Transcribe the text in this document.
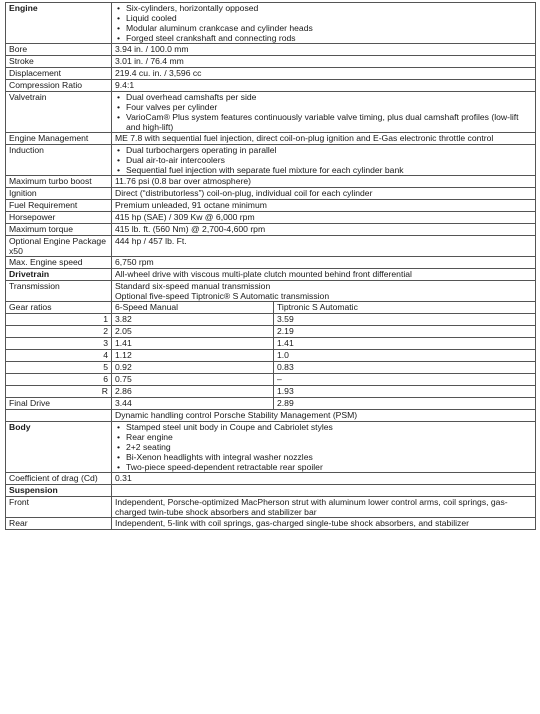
Engine	• Six-cylinders, horizontally opposed
• Liquid cooled
• Modular aluminum crankcase and cylinder heads
• Forged steel crankshaft and connecting rods

Bore	3.94 in. / 100.0 mm	
Stroke	3.01 in. / 76.4 mm	
Displacement	219.4 cu. in. / 3,596 cc	
Compression Ratio	9.4:1	
Valvetrain	• Dual overhead camshafts per side
• Four valves per cylinder
• VarioCam® Plus system features continuously variable valve timing, plus dual camshaft profiles (low-lift and high-lift)

Engine Management	ME 7.8 with sequential fuel injection, direct coil-on-plug ignition and E-Gas electronic throttle control	
Induction	• Dual turbochargers operating in parallel
• Dual air-to-air intercoolers
• Sequential fuel injection with separate fuel mixture for each cylinder bank

Maximum turbo boost	11.76 psi (0.8 bar over atmosphere)	
Ignition	Direct (“distributorless”) coil-on-plug, individual coil for each cylinder	
Fuel Requirement	Premium unleaded, 91 octane minimum	
Horsepower	415 hp (SAE) / 309 Kw @ 6,000 rpm	
Maximum torque	415 lb. ft. (560 Nm) @ 2,700-4,600 rpm	
Optional Engine Package x50	444 hp / 457 lb. Ft.	
Max. Engine speed	6,750 rpm	
Drivetrain	All-wheel drive with viscous multi-plate clutch mounted behind front differential	
Transmission	Standard six-speed manual transmission
Optional five-speed Tiptronic® S Automatic transmission	

Gear ratios	6-Speed Manual	Tiptronic S Automatic
1	3.82	3.59
2	2.05	2.19
3	1.41	1.41
4	1.12	1.0
5	0.92	0.83
6	0.75	–
R	2.86	1.93
Final Drive	3.44	2.89
	Dynamic handling control Porsche Stability Management (PSM)	
Body	• Stamped steel unit body in Coupe and Cabriolet styles
• Rear engine
• 2+2 seating
• Bi-Xenon headlights with integral washer nozzles
• Two-piece speed-dependent retractable rear spoiler

Coefficient of drag (Cd)	0.31	
Suspension		
Front	Independent, Porsche-optimized MacPherson strut with aluminum lower control arms, coil springs, gas-charged twin-tube shock absorbers and stabilizer bar	
Rear	Independent, 5-link with coil springs, gas-charged single-tube shock absorbers, and stabilizer	
